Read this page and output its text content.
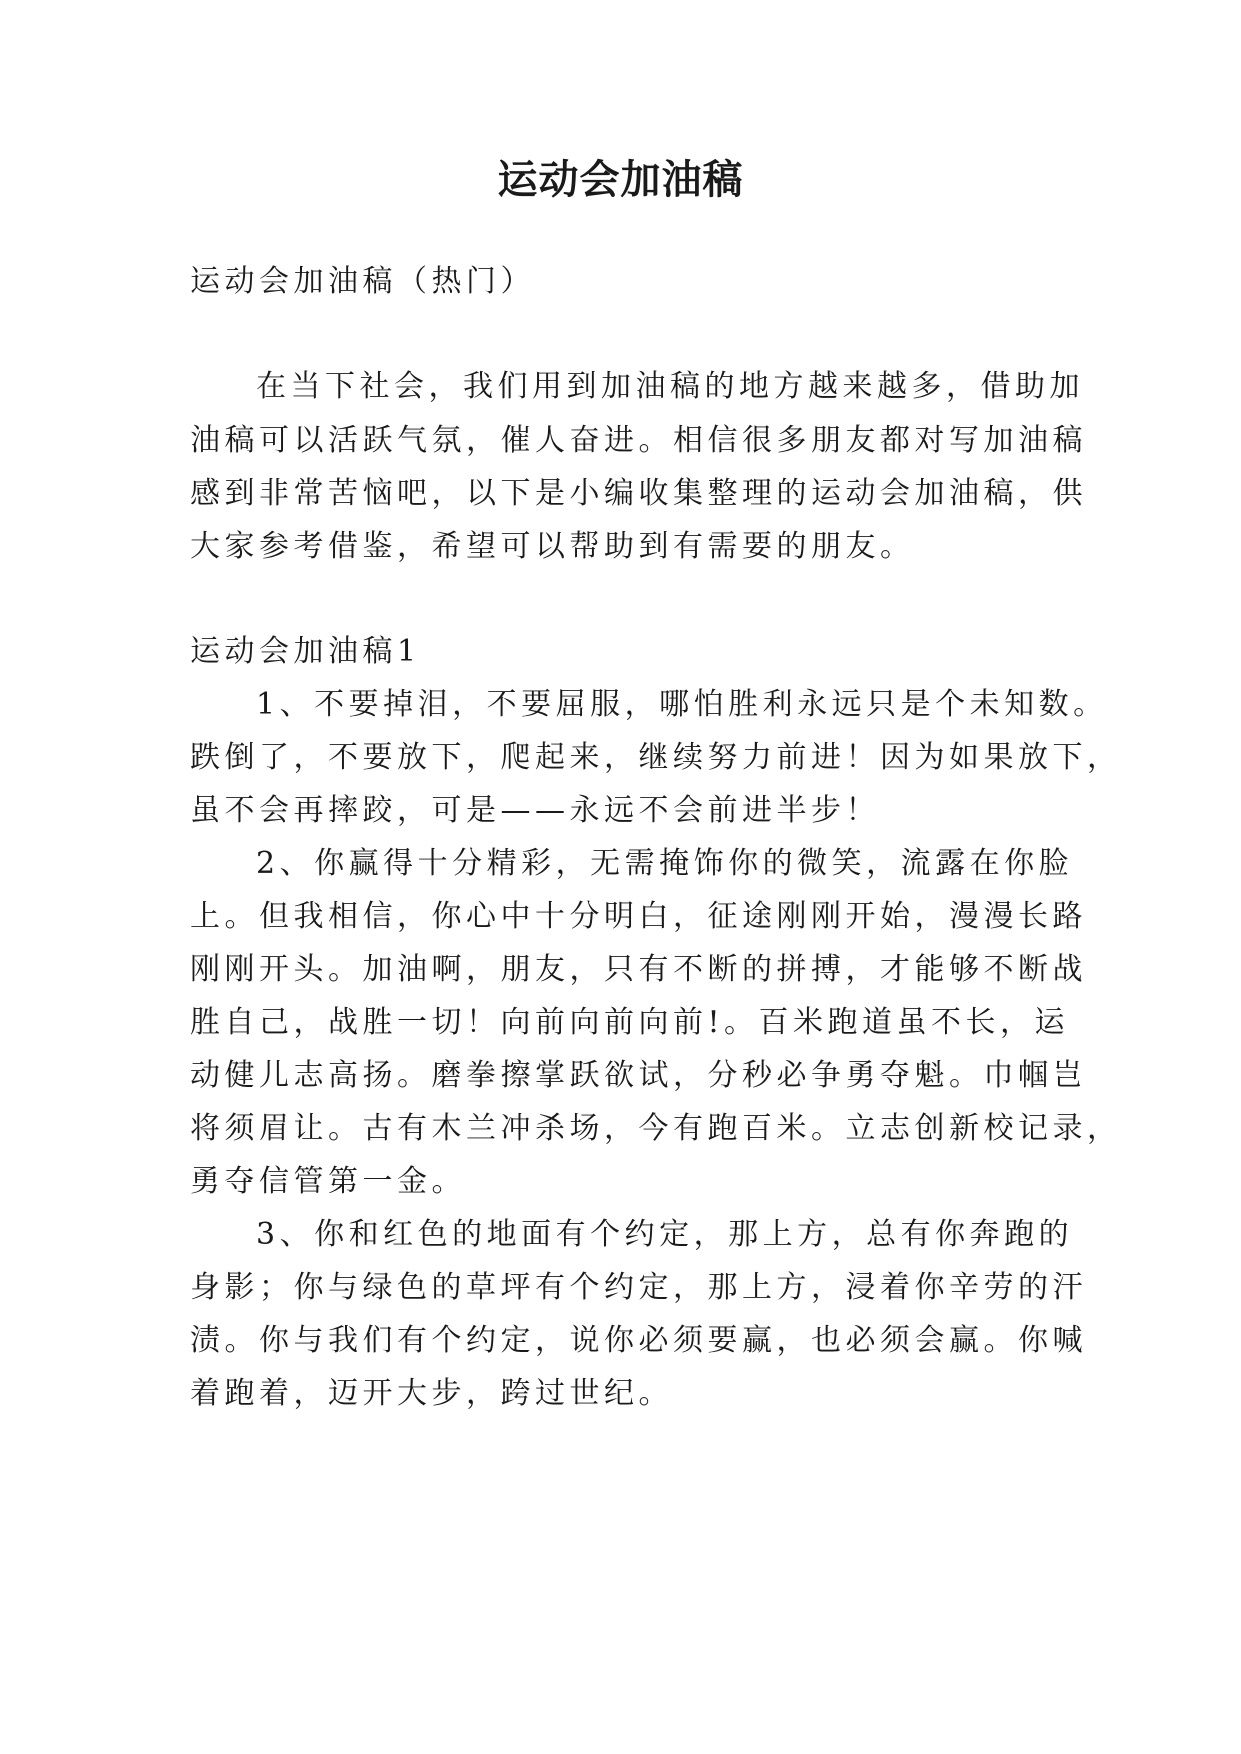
运动会加油稿

运动会加油稿（热门）

在当下社会，我们用到加油稿的地方越来越多，借助加

油稿可以活跃气氛，催人奋进。相信很多朋友都对写加油稿

感到非常苦恼吧，以下是小编收集整理的运动会加油稿，供

大家参考借鉴，希望可以帮助到有需要的朋友。

运动会加油稿1

1、不要掉泪，不要屈服，哪怕胜利永远只是个未知数。

跌倒了，不要放下，爬起来，继续努力前进！因为如果放下，

虽不会再摔跤，可是——永远不会前进半步！

2、你赢得十分精彩，无需掩饰你的微笑，流露在你脸

上。但我相信，你心中十分明白，征途刚刚开始，漫漫长路

刚刚开头。加油啊，朋友，只有不断的拼搏，才能够不断战

胜自己，战胜一切！向前向前向前!。百米跑道虽不长，运

动健儿志高扬。磨拳擦掌跃欲试，分秒必争勇夺魁。巾帼岂

将须眉让。古有木兰冲杀场，今有跑百米。立志创新校记录，

勇夺信管第一金。

3、你和红色的地面有个约定，那上方，总有你奔跑的

身影；你与绿色的草坪有个约定，那上方，浸着你辛劳的汗

渍。你与我们有个约定，说你必须要赢，也必须会赢。你喊

着跑着，迈开大步，跨过世纪。
